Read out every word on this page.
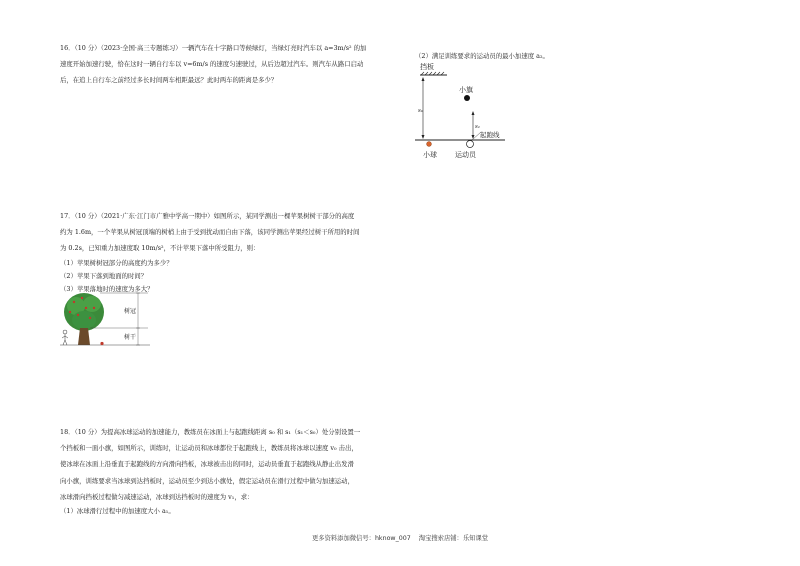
16．（10 分）（2023·全国·高三专题练习）一辆汽车在十字路口等候绿灯，当绿灯亮时汽车以 a=3m/s² 的加
速度开始加速行驶，恰在这时一辆自行车以 v=6m/s 的速度匀速驶过，从后边超过汽车。则汽车从路口启动
后，在追上自行车之前经过多长时间两车相距最远？此时两车的距离是多少？
17．（10 分）（2021·广东·江门市广雅中学高一期中）如图所示，某同学测出一棵苹果树树干部分的高度
约为 1.6m，一个苹果从树冠顶端的树梢上由于受到扰动而自由下落，该同学测出苹果经过树干所用的时间
为 0.2s，已知重力加速度取 10m/s²，不计苹果下落中所受阻力，则：
（1）苹果树树冠部分的高度约为多少？
（2）苹果下落到地面的时间？
（3）苹果落地时的速度为多大？
18．（10 分）为提高冰球运动的加速能力，教练员在冰面上与起跑线距离 s₀ 和 s₁（s₁＜s₀）处分别设置一
个挡板和一面小旗，如图所示，训练时，让运动员和冰球都位于起跑线上，教练员将冰球以速度 v₀ 击出，
使冰球在冰面上沿垂直于起跑线的方向滑向挡板，冰球被击出的同时，运动员垂直于起跑线从静止出发滑
向小旗，训练要求当冰球到达挡板时，运动员至少到达小旗处，假定运动员在滑行过程中做匀加速运动，
冰球滑向挡板过程做匀减速运动，冰球到达挡板时的速度为 v₁，求：
（1）冰球滑行过程中的加速度大小 a₁。
（2）满足训练要求的运动员的最小加速度 a₂。
挡板
s₀
起跑线
小旗
s₁
小球	运动员
树冠
树干
更多资料添加微信号：hknow_007 淘宝搜索店铺：乐知课堂
